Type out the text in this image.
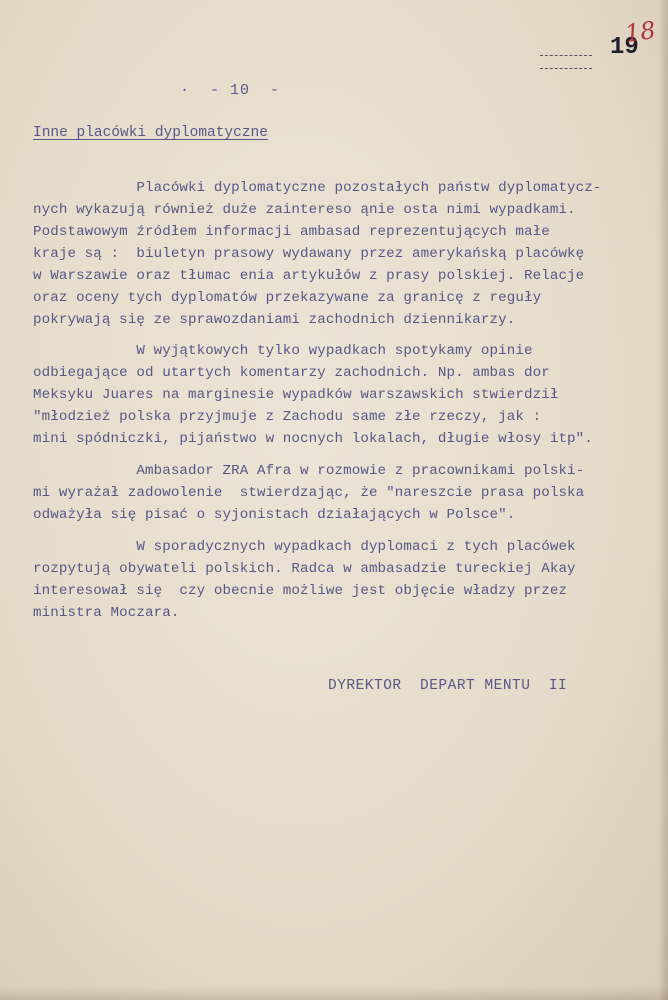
19
18
·  - 10  -
Inne placówki dyplomatyczne
Placówki dyplomatyczne pozostałych państw dyplomatycz-
nych wykazują również duże zaintereso ąnie osta nimi wypadkami.
Podstawowym źródłem informacji ambasad reprezentujących małe
kraje są :  biuletyn prasowy wydawany przez amerykańską placówkę
w Warszawie oraz tłumac enia artykułów z prasy polskiej. Relacje
oraz oceny tych dyplomatów przekazywane za granicę z reguły
pokrywają się ze sprawozdaniami zachodnich dziennikarzy.
W wyjątkowych tylko wypadkach spotykamy opinie
odbiegające od utartych komentarzy zachodnich. Np. ambas dor
Meksyku Juares na marginesie wypadków warszawskich stwierdził
"młodzież polska przyjmuje z Zachodu same złe rzeczy, jak :
mini spódniczki, pijaństwo w nocnych lokalach, długie włosy itp".
Ambasador ZRA Afra w rozmowie z pracownikami polski-
mi wyrażał zadowolenie  stwierdzając, że "nareszcie prasa polska
odważyła się pisać o syjonistach działających w Polsce".
W sporadycznych wypadkach dyplomaci z tych placówek
rozpytują obywateli polskich. Radca w ambasadzie tureckiej Akay
interesował się  czy obecnie możliwe jest objęcie władzy przez
ministra Moczara.
DYREKTOR  DEPART MENTU  II
